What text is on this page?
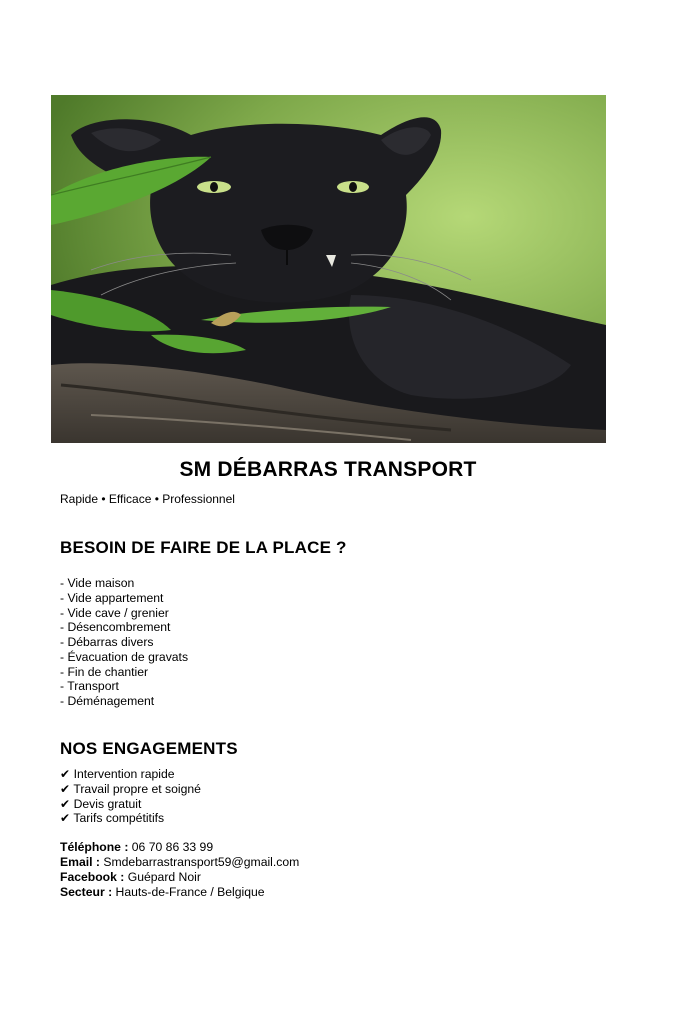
SM DÉBARRAS TRANSPORT
Rapide • Efficace • Professionnel
BESOIN DE FAIRE DE LA PLACE ?
- Vide maison
- Vide appartement
- Vide cave / grenier
- Désencombrement
- Débarras divers
- Évacuation de gravats
- Fin de chantier
- Transport
- Déménagement
NOS ENGAGEMENTS
✔ Intervention rapide
✔ Travail propre et soigné
✔ Devis gratuit
✔ Tarifs compétitifs
Téléphone : 06 70 86 33 99
Email : Smdebarrastransport59@gmail.com
Facebook : Guépard Noir
Secteur : Hauts-de-France / Belgique
